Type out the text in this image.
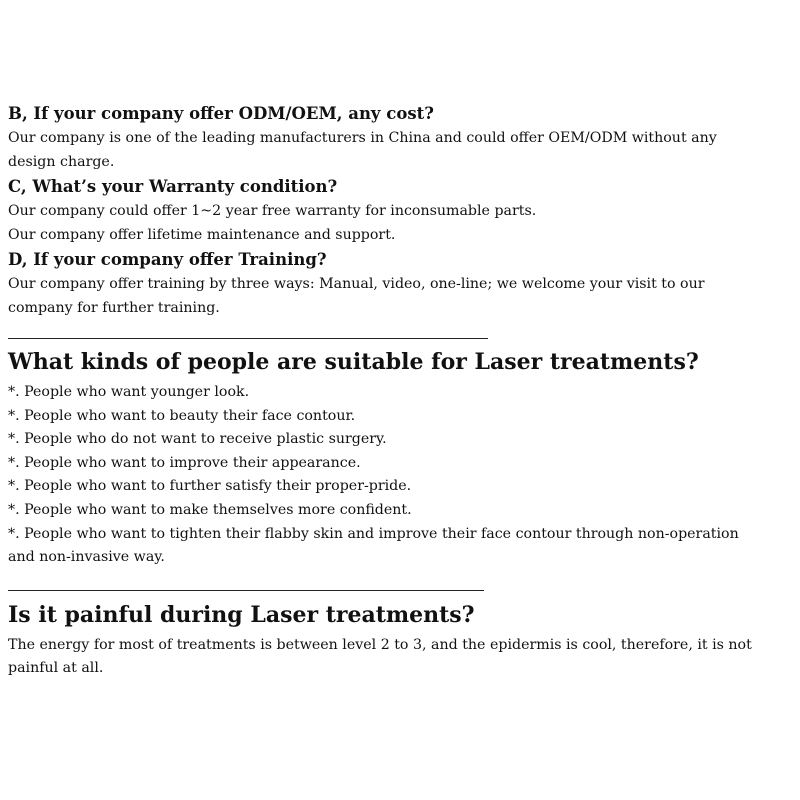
B, If your company offer ODM/OEM, any cost?

Our company is one of the leading manufacturers in China and could offer OEM/ODM without any design charge.

C, What’s your Warranty condition?

Our company could offer 1~2 year free warranty for inconsumable parts.

Our company offer lifetime maintenance and support.

D, If your company offer Training?

Our company offer training by three ways: Manual, video, one-line; we welcome your visit to our company for further training.

What kinds of people are suitable for Laser treatments?
*. People who want younger look.
*. People who want to beauty their face contour.
*. People who do not want to receive plastic surgery.
*. People who want to improve their appearance.
*. People who want to further satisfy their proper-pride.
*. People who want to make themselves more confident.
*. People who want to tighten their flabby skin and improve their face contour through non-operation and non-invasive way.
Is it painful during Laser treatments?

The energy for most of treatments is between level 2 to 3, and the epidermis is cool, therefore, it is not painful at all.
